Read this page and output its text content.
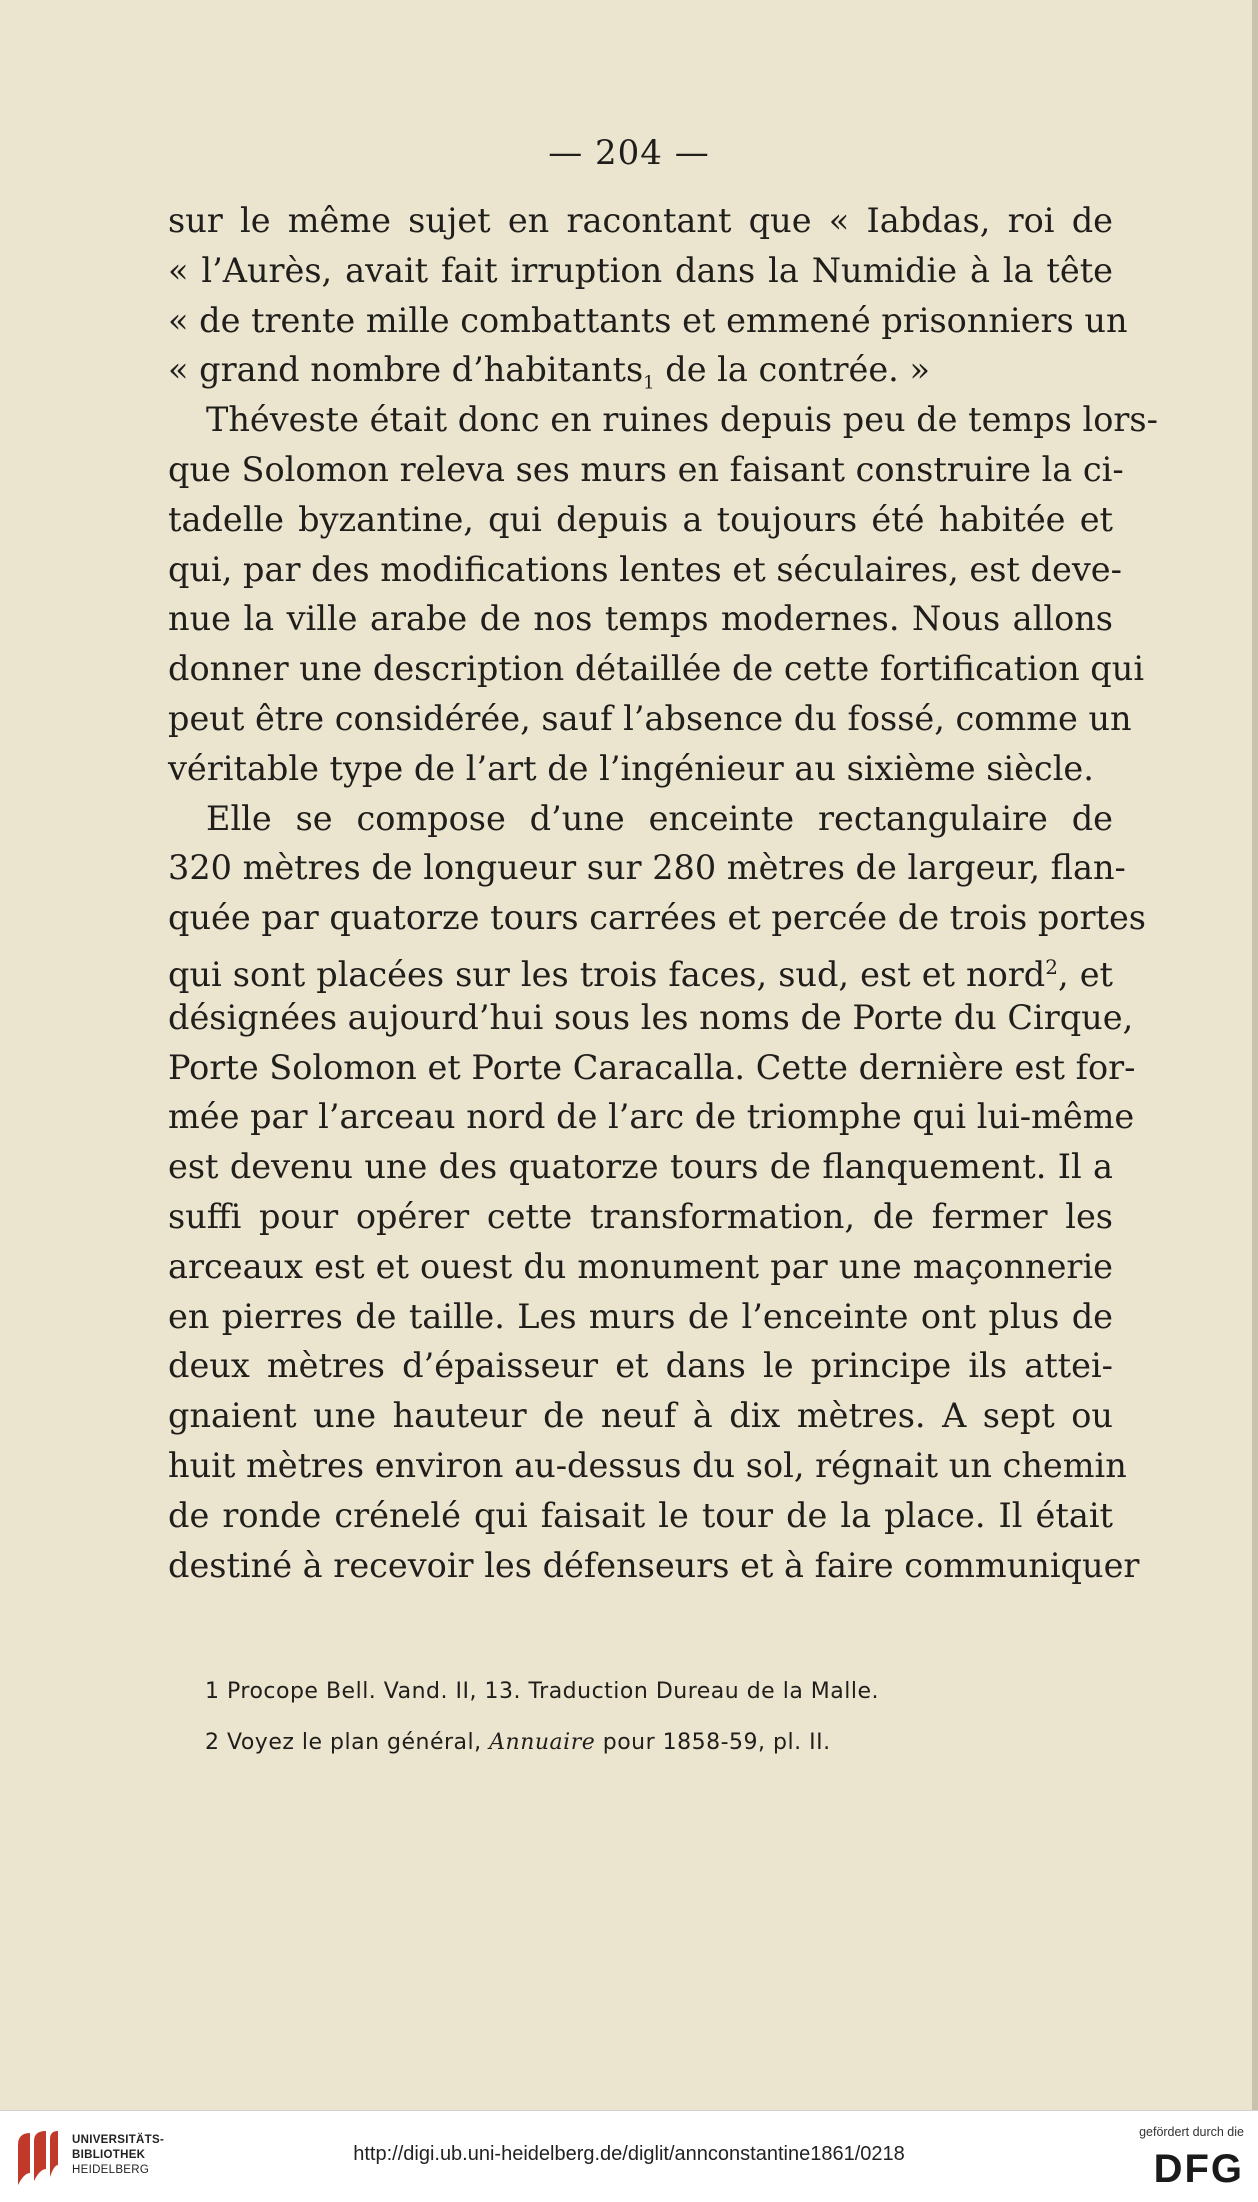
— 204 —
sur le même sujet en racontant que « Iabdas, roi de
« l’Aurès, avait fait irruption dans la Numidie à la tête
« de trente mille combattants et emmené prisonniers un
« grand nombre d’habitants$_1$ de la contrée. »
Théveste était donc en ruines depuis peu de temps lors-
que Solomon releva ses murs en faisant construire la ci-
tadelle byzantine, qui depuis a toujours été habitée et
qui, par des modifications lentes et séculaires, est deve-
nue la ville arabe de nos temps modernes. Nous allons
donner une description détaillée de cette fortification qui
peut être considérée, sauf l’absence du fossé, comme un
véritable type de l’art de l’ingénieur au sixième siècle.
Elle se compose d’une enceinte rectangulaire de
320 mètres de longueur sur 280 mètres de largeur, flan-
quée par quatorze tours carrées et percée de trois portes
qui sont placées sur les trois faces, sud, est et nord$^2$, et
désignées aujourd’hui sous les noms de Porte du Cirque,
Porte Solomon et Porte Caracalla. Cette dernière est for-
mée par l’arceau nord de l’arc de triomphe qui lui-même
est devenu une des quatorze tours de flanquement. Il a
suffi pour opérer cette transformation, de fermer les
arceaux est et ouest du monument par une maçonnerie
en pierres de taille. Les murs de l’enceinte ont plus de
deux mètres d’épaisseur et dans le principe ils attei-
gnaient une hauteur de neuf à dix mètres. A sept ou
huit mètres environ au-dessus du sol, régnait un chemin
de ronde crénelé qui faisait le tour de la place. Il était
destiné à recevoir les défenseurs et à faire communiquer
1 Procope Bell. Vand. II, 13. Traduction Dureau de la Malle.
2 Voyez le plan général, Annuaire pour 1858-59, pl. II.
UNIVERSITÄTS-
BIBLIOTHEK
HEIDELBERG
http://digi.ub.uni-heidelberg.de/diglit/annconstantine1861/0218
gefördert durch die
DFG
